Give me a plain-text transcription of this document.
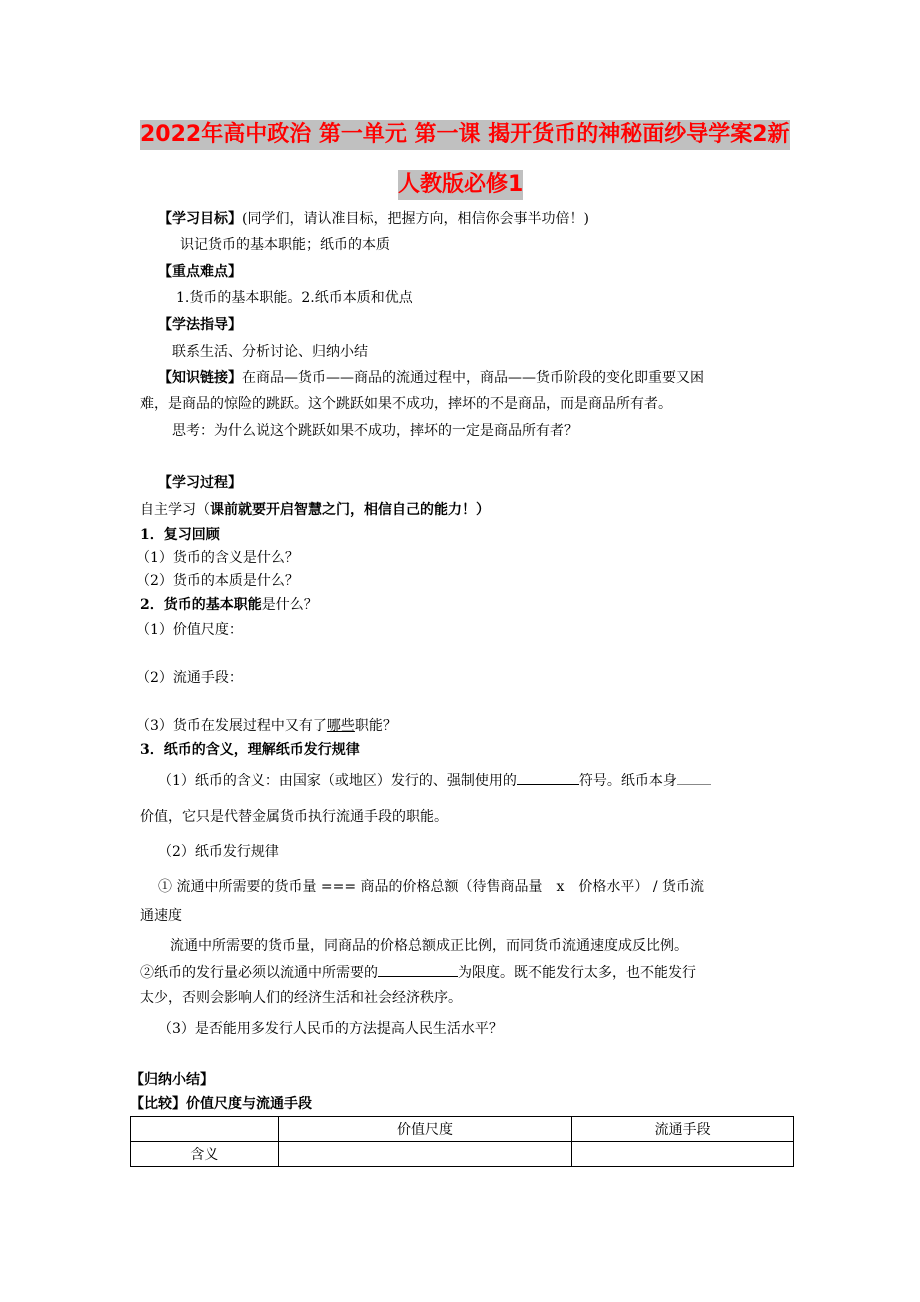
2022年高中政治 第一单元 第一课 揭开货币的神秘面纱导学案2新
人教版必修1
【学习目标】(同学们，请认准目标，把握方向，相信你会事半功倍！)
识记货币的基本职能；纸币的本质
【重点难点】
1.货币的基本职能。2.纸币本质和优点
【学法指导】
联系生活、分析讨论、归纳小结
【知识链接】在商品—货币——商品的流通过程中，商品——货币阶段的变化即重要又困
难，是商品的惊险的跳跃。这个跳跃如果不成功，摔坏的不是商品，而是商品所有者。
思考：为什么说这个跳跃如果不成功，摔坏的一定是商品所有者？
【学习过程】
自主学习（课前就要开启智慧之门，相信自己的能力！）
1．复习回顾
（1）货币的含义是什么？
（2）货币的本质是什么？
2．货币的基本职能是什么？
（1）价值尺度：
（2）流通手段：
（3）货币在发展过程中又有了哪些职能？
3．纸币的含义，理解纸币发行规律
（1）纸币的含义：由国家（或地区）发行的、强制使用的	符号。纸币本身
价值，它只是代替金属货币执行流通手段的职能。
（2）纸币发行规律
① 流通中所需要的货币量 === 商品的价格总额（待售商品量　x　价格水平） / 货币流
通速度
流通中所需要的货币量，同商品的价格总额成正比例，而同货币流通速度成反比例。
②纸币的发行量必须以流通中所需要的	为限度。既不能发行太多，也不能发行
太少，否则会影响人们的经济生活和社会经济秩序。
（3）是否能用多发行人民币的方法提高人民生活水平？
【归纳小结】
【比较】价值尺度与流通手段
	价值尺度	流通手段
含义		
